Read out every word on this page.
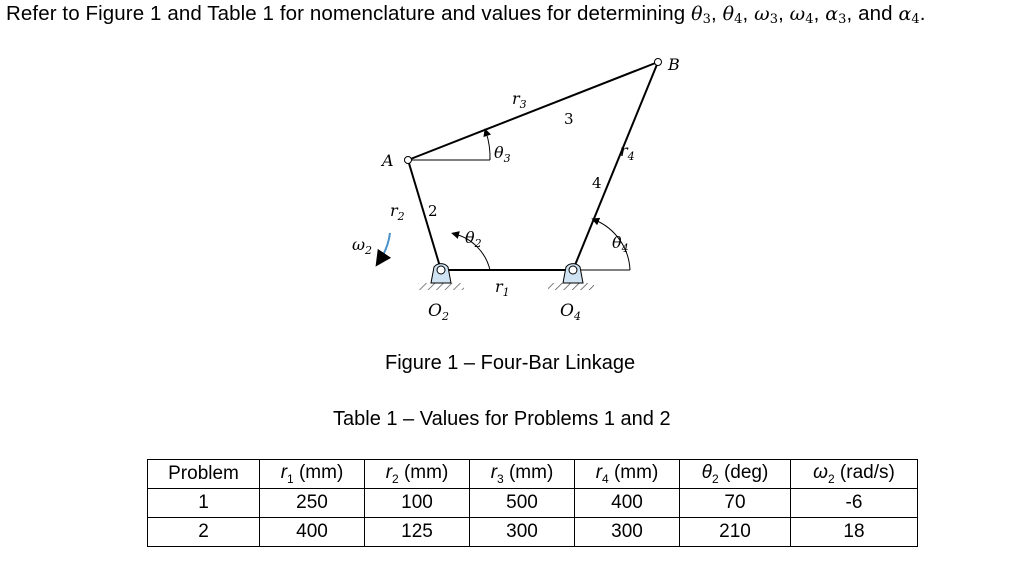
Refer to Figure 1 and Table 1 for nomenclature and values for determining $\theta_3$, $\theta_4$, $\omega_3$, $\omega_4$, $\alpha_3$, and $\alpha_4$.
A
B
$r_3$
3
$\theta_3$	$r_4$
4
$r_2$ 2
$\theta_2$	$\theta_4$
$\omega_2$
$r_1$
$O_2$	$O_4$
Figure 1 – Four-Bar Linkage
Table 1 – Values for Problems 1 and 2
Problem	$r_1$ (mm)	$r_2$ (mm)	$r_3$ (mm)	$r_4$ (mm)	$\theta_2$ (deg)	$\omega_2$ (rad/s)
1	250	100	500	400	70	-6
2	400	125	300	300	210	18
